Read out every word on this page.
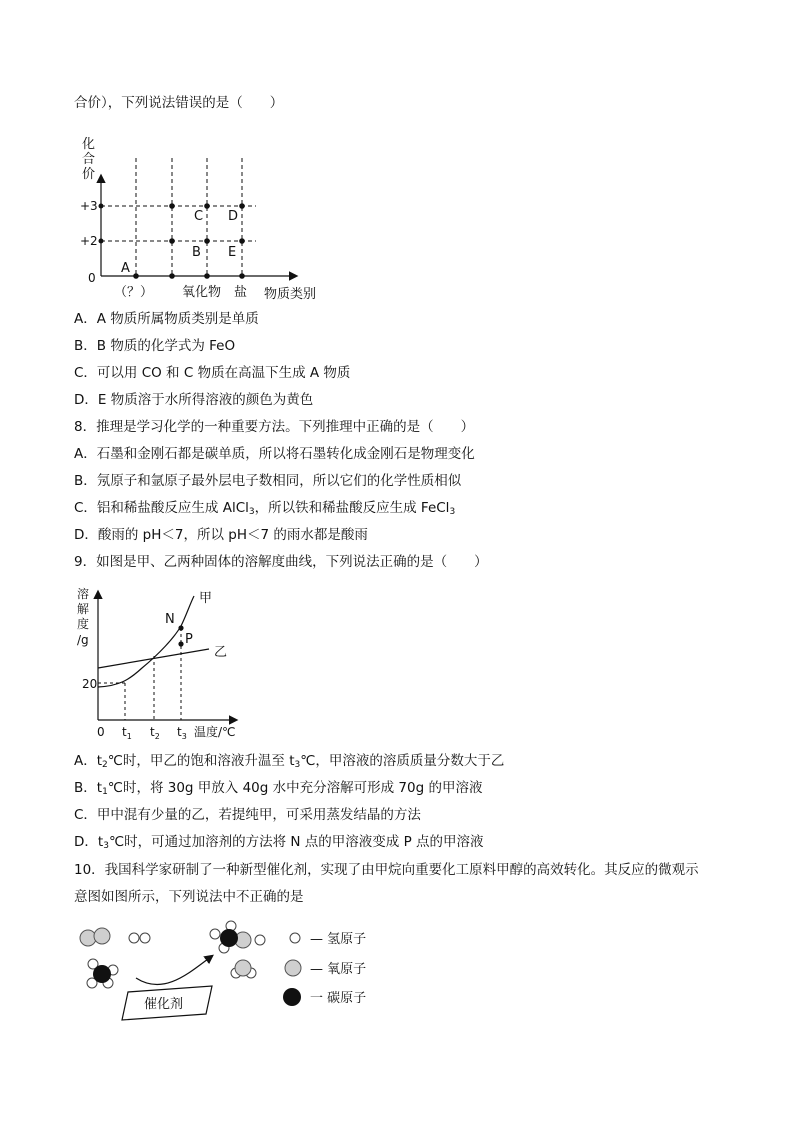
合价），下列说法错误的是（　　）
化
合
价
+3
+2
0
A
B
C D
E
（？） 氧化物 盐 物质类别
A．A 物质所属物质类别是单质
B．B 物质的化学式为 FeO
C．可以用 CO 和 C 物质在高温下生成 A 物质
D．E 物质溶于水所得溶液的颜色为黄色
8．推理是学习化学的一种重要方法。下列推理中正确的是（　　）
A．石墨和金刚石都是碳单质，所以将石墨转化成金刚石是物理变化
B．氖原子和氩原子最外层电子数相同，所以它们的化学性质相似
C．铝和稀盐酸反应生成 AlCl$_3$，所以铁和稀盐酸反应生成 FeCl$_3$
D．酸雨的 pH＜7，所以 pH＜7 的雨水都是酸雨
9．如图是甲、乙两种固体的溶解度曲线，下列说法正确的是（　　）
溶
解
度
/g
N
P
甲
乙
20
0 $t_1$ $t_2$ $t_3$ 温度/℃
A．$t_2℃$时，甲乙的饱和溶液升温至 $t_3℃$，甲溶液的溶质质量分数大于乙
B．$t_1℃$时，将 30g 甲放入 40g 水中充分溶解可形成 70g 的甲溶液
C．甲中混有少量的乙，若提纯甲，可采用蒸发结晶的方法
D．$t_3℃$时，可通过加溶剂的方法将 N 点的甲溶液变成 P 点的甲溶液
10．我国科学家研制了一种新型催化剂，实现了由甲烷向重要化工原料甲醇的高效转化。其反应的微观示
意图如图所示，下列说法中不正确的是
催化剂
— 氢原子
— 氧原子
一 碳原子
